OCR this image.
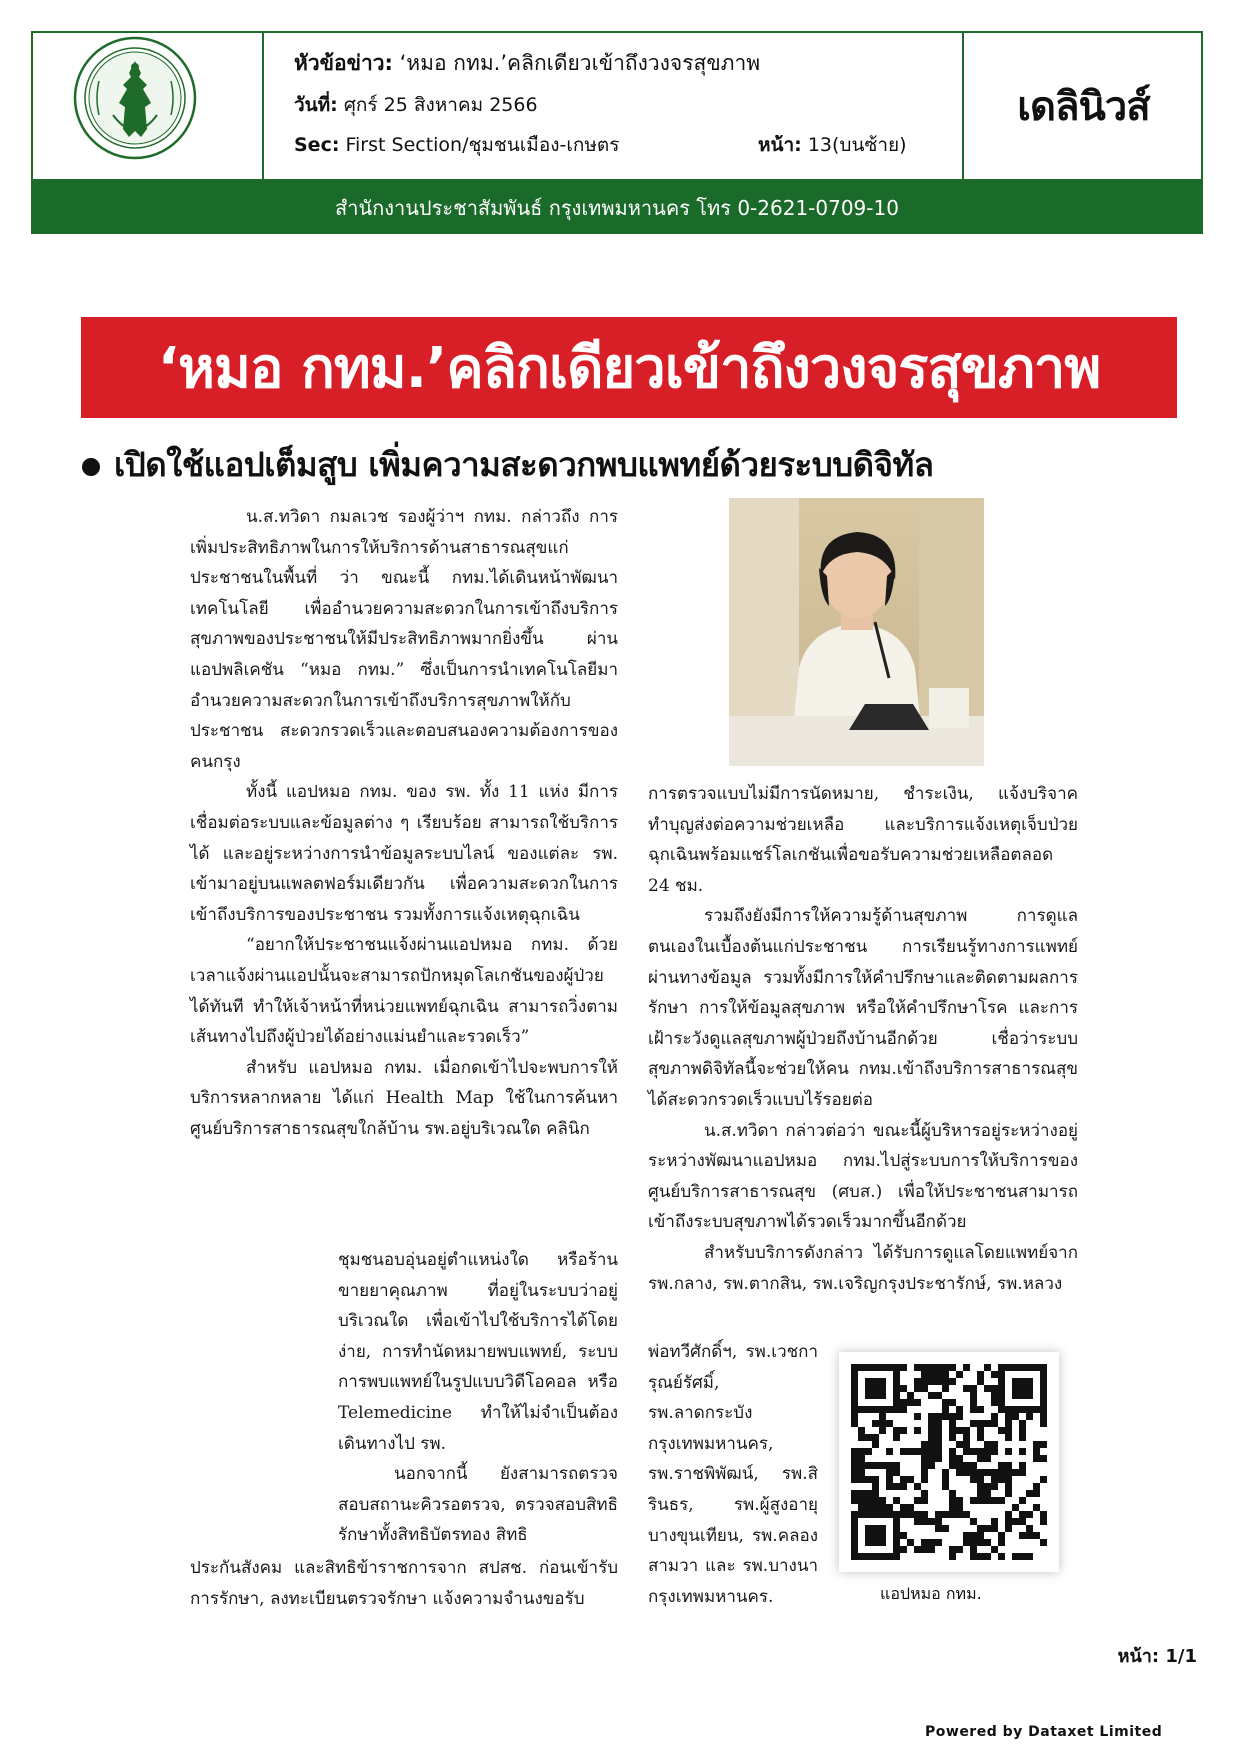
หัวข้อข่าว: ‘หมอ กทม.’คลิกเดียวเข้าถึงวงจรสุขภาพ
วันที่: ศุกร์ 25 สิงหาคม 2566
Sec: First Section/ชุมชนเมือง-เกษตร	หน้า: 13(บนซ้าย)
เดลินิวส์
สำนักงานประชาสัมพันธ์ กรุงเทพมหานคร โทร 0-2621-0709-10
‘หมอ กทม.’คลิกเดียวเข้าถึงวงจรสุขภาพ
เปิดใช้แอปเต็มสูบ เพิ่มความสะดวกพบแพทย์ด้วยระบบดิจิทัล

น.ส.ทวิดา กมลเวช รองผู้ว่าฯ กทม. กล่าวถึง การเพิ่มประสิทธิภาพในการให้บริการด้านสาธารณสุขแก่ประชาชนในพื้นที่ ว่า ขณะนี้ กทม.ได้เดินหน้าพัฒนาเทคโนโลยี เพื่ออำนวยความสะดวกในการเข้าถึงบริการสุขภาพของประชาชนให้มีประสิทธิภาพมากยิ่งขึ้น ผ่านแอปพลิเคชัน “หมอ กทม.” ซึ่งเป็นการนำเทคโนโลยีมาอำนวยความสะดวกในการเข้าถึงบริการสุขภาพให้กับประชาชน สะดวกรวดเร็วและตอบสนองความต้องการของคนกรุง

ทั้งนี้ แอปหมอ กทม. ของ รพ. ทั้ง 11 แห่ง มีการเชื่อมต่อระบบและข้อมูลต่าง ๆ เรียบร้อย สามารถใช้บริการได้ และอยู่ระหว่างการนำข้อมูลระบบไลน์ ของแต่ละ รพ. เข้ามาอยู่บนแพลตฟอร์มเดียวกัน เพื่อความสะดวกในการเข้าถึงบริการของประชาชน รวมทั้งการแจ้งเหตุฉุกเฉิน

“อยากให้ประชาชนแจ้งผ่านแอปหมอ กทม. ด้วย เวลาแจ้งผ่านแอปนั้นจะสามารถปักหมุดโลเกชันของผู้ป่วยได้ทันที ทำให้เจ้าหน้าที่หน่วยแพทย์ฉุกเฉิน สามารถวิ่งตามเส้นทางไปถึงผู้ป่วยได้อย่างแม่นยำและรวดเร็ว”

สำหรับ แอปหมอ กทม. เมื่อกดเข้าไปจะพบการให้บริการหลากหลาย ได้แก่ Health Map ใช้ในการค้นหาศูนย์บริการสาธารณสุขใกล้บ้าน รพ.อยู่บริเวณใด คลินิก

ชุมชนอบอุ่นอยู่ตำแหน่งใด หรือร้านขายยาคุณภาพ ที่อยู่ในระบบว่าอยู่บริเวณใด เพื่อเข้าไปใช้บริการได้โดยง่าย, การทำนัดหมายพบแพทย์, ระบบการพบแพทย์ในรูปแบบวิดีโอคอล หรือ Telemedicine ทำให้ไม่จำเป็นต้องเดินทางไป รพ.

นอกจากนี้ ยังสามารถตรวจสอบสถานะคิวรอตรวจ, ตรวจสอบสิทธิรักษาทั้งสิทธิบัตรทอง สิทธิ

ประกันสังคม และสิทธิข้าราชการจาก สปสช. ก่อนเข้ารับการรักษา, ลงทะเบียนตรวจรักษา แจ้งความจำนงขอรับ

การตรวจแบบไม่มีการนัดหมาย, ชำระเงิน, แจ้งบริจาคทำบุญส่งต่อความช่วยเหลือ และบริการแจ้งเหตุเจ็บป่วยฉุกเฉินพร้อมแชร์โลเกชันเพื่อขอรับความช่วยเหลือตลอด 24 ชม.

รวมถึงยังมีการให้ความรู้ด้านสุขภาพ การดูแลตนเองในเบื้องต้นแก่ประชาชน การเรียนรู้ทางการแพทย์ผ่านทางข้อมูล รวมทั้งมีการให้คำปรึกษาและติดตามผลการรักษา การให้ข้อมูลสุขภาพ หรือให้คำปรึกษาโรค และการเฝ้าระวังดูแลสุขภาพผู้ป่วยถึงบ้านอีกด้วย เชื่อว่าระบบสุขภาพดิจิทัลนี้จะช่วยให้คน กทม.เข้าถึงบริการสาธารณสุขได้สะดวกรวดเร็วแบบไร้รอยต่อ

น.ส.ทวิดา กล่าวต่อว่า ขณะนี้ผู้บริหารอยู่ระหว่างอยู่ระหว่างพัฒนาแอปหมอ กทม.ไปสู่ระบบการให้บริการของศูนย์บริการสาธารณสุข (ศบส.) เพื่อให้ประชาชนสามารถเข้าถึงระบบสุขภาพได้รวดเร็วมากขึ้นอีกด้วย

สำหรับบริการดังกล่าว ได้รับการดูแลโดยแพทย์จาก รพ.กลาง, รพ.ตากสิน, รพ.เจริญกรุงประชารักษ์, รพ.หลวง

พ่อทวีศักดิ์ฯ, รพ.เวชการุณย์รัศมิ์, รพ.ลาดกระบังกรุงเทพมหานคร, รพ.ราชพิพัฒน์, รพ.สิรินธร, รพ.ผู้สูงอายุบางขุนเทียน, รพ.คลองสามวา และ รพ.บางนากรุงเทพมหานคร.	แอปหมอ กทม.
หน้า: 1/1
Powered by Dataxet Limited
